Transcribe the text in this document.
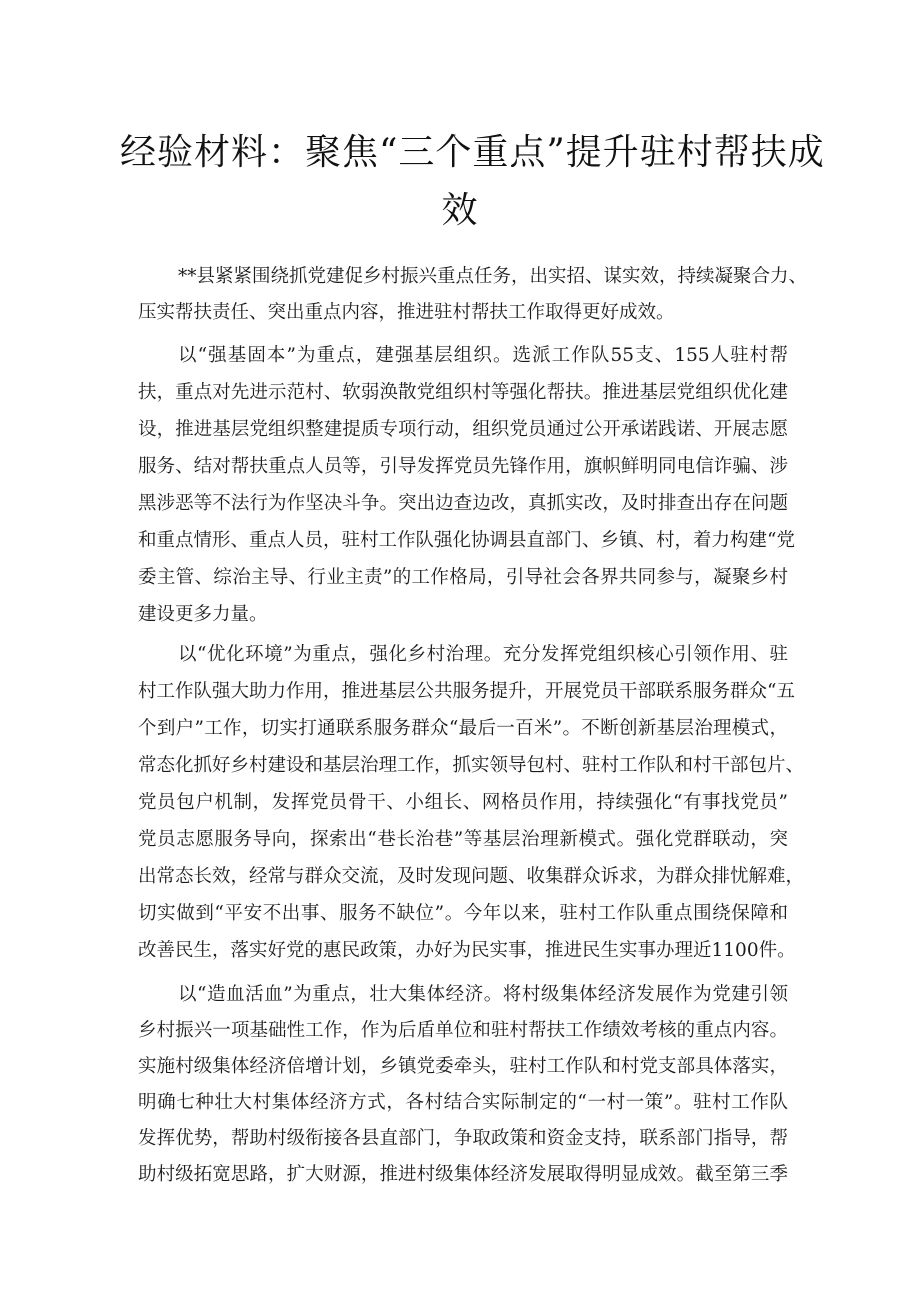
经验材料：聚焦“三个重点”提升驻村帮扶成
效

**县紧紧围绕抓党建促乡村振兴重点任务，出实招、谋实效，持续凝聚合力、

压实帮扶责任、突出重点内容，推进驻村帮扶工作取得更好成效。

以“强基固本”为重点，建强基层组织。选派工作队55支、155人驻村帮

扶，重点对先进示范村、软弱涣散党组织村等强化帮扶。推进基层党组织优化建

设，推进基层党组织整建提质专项行动，组织党员通过公开承诺践诺、开展志愿

服务、结对帮扶重点人员等，引导发挥党员先锋作用，旗帜鲜明同电信诈骗、涉

黑涉恶等不法行为作坚决斗争。突出边查边改，真抓实改，及时排查出存在问题

和重点情形、重点人员，驻村工作队强化协调县直部门、乡镇、村，着力构建“党

委主管、综治主导、行业主责”的工作格局，引导社会各界共同参与，凝聚乡村

建设更多力量。

以“优化环境”为重点，强化乡村治理。充分发挥党组织核心引领作用、驻

村工作队强大助力作用，推进基层公共服务提升，开展党员干部联系服务群众“五

个到户”工作，切实打通联系服务群众“最后一百米”。不断创新基层治理模式，

常态化抓好乡村建设和基层治理工作，抓实领导包村、驻村工作队和村干部包片、

党员包户机制，发挥党员骨干、小组长、网格员作用，持续强化“有事找党员”

党员志愿服务导向，探索出“巷长治巷”等基层治理新模式。强化党群联动，突

出常态长效，经常与群众交流，及时发现问题、收集群众诉求，为群众排忧解难，

切实做到“平安不出事、服务不缺位”。今年以来，驻村工作队重点围绕保障和

改善民生，落实好党的惠民政策，办好为民实事，推进民生实事办理近1100件。

以“造血活血”为重点，壮大集体经济。将村级集体经济发展作为党建引领

乡村振兴一项基础性工作，作为后盾单位和驻村帮扶工作绩效考核的重点内容。

实施村级集体经济倍增计划，乡镇党委牵头，驻村工作队和村党支部具体落实，

明确七种壮大村集体经济方式，各村结合实际制定的“一村一策”。驻村工作队

发挥优势，帮助村级衔接各县直部门，争取政策和资金支持，联系部门指导，帮

助村级拓宽思路，扩大财源，推进村级集体经济发展取得明显成效。截至第三季
